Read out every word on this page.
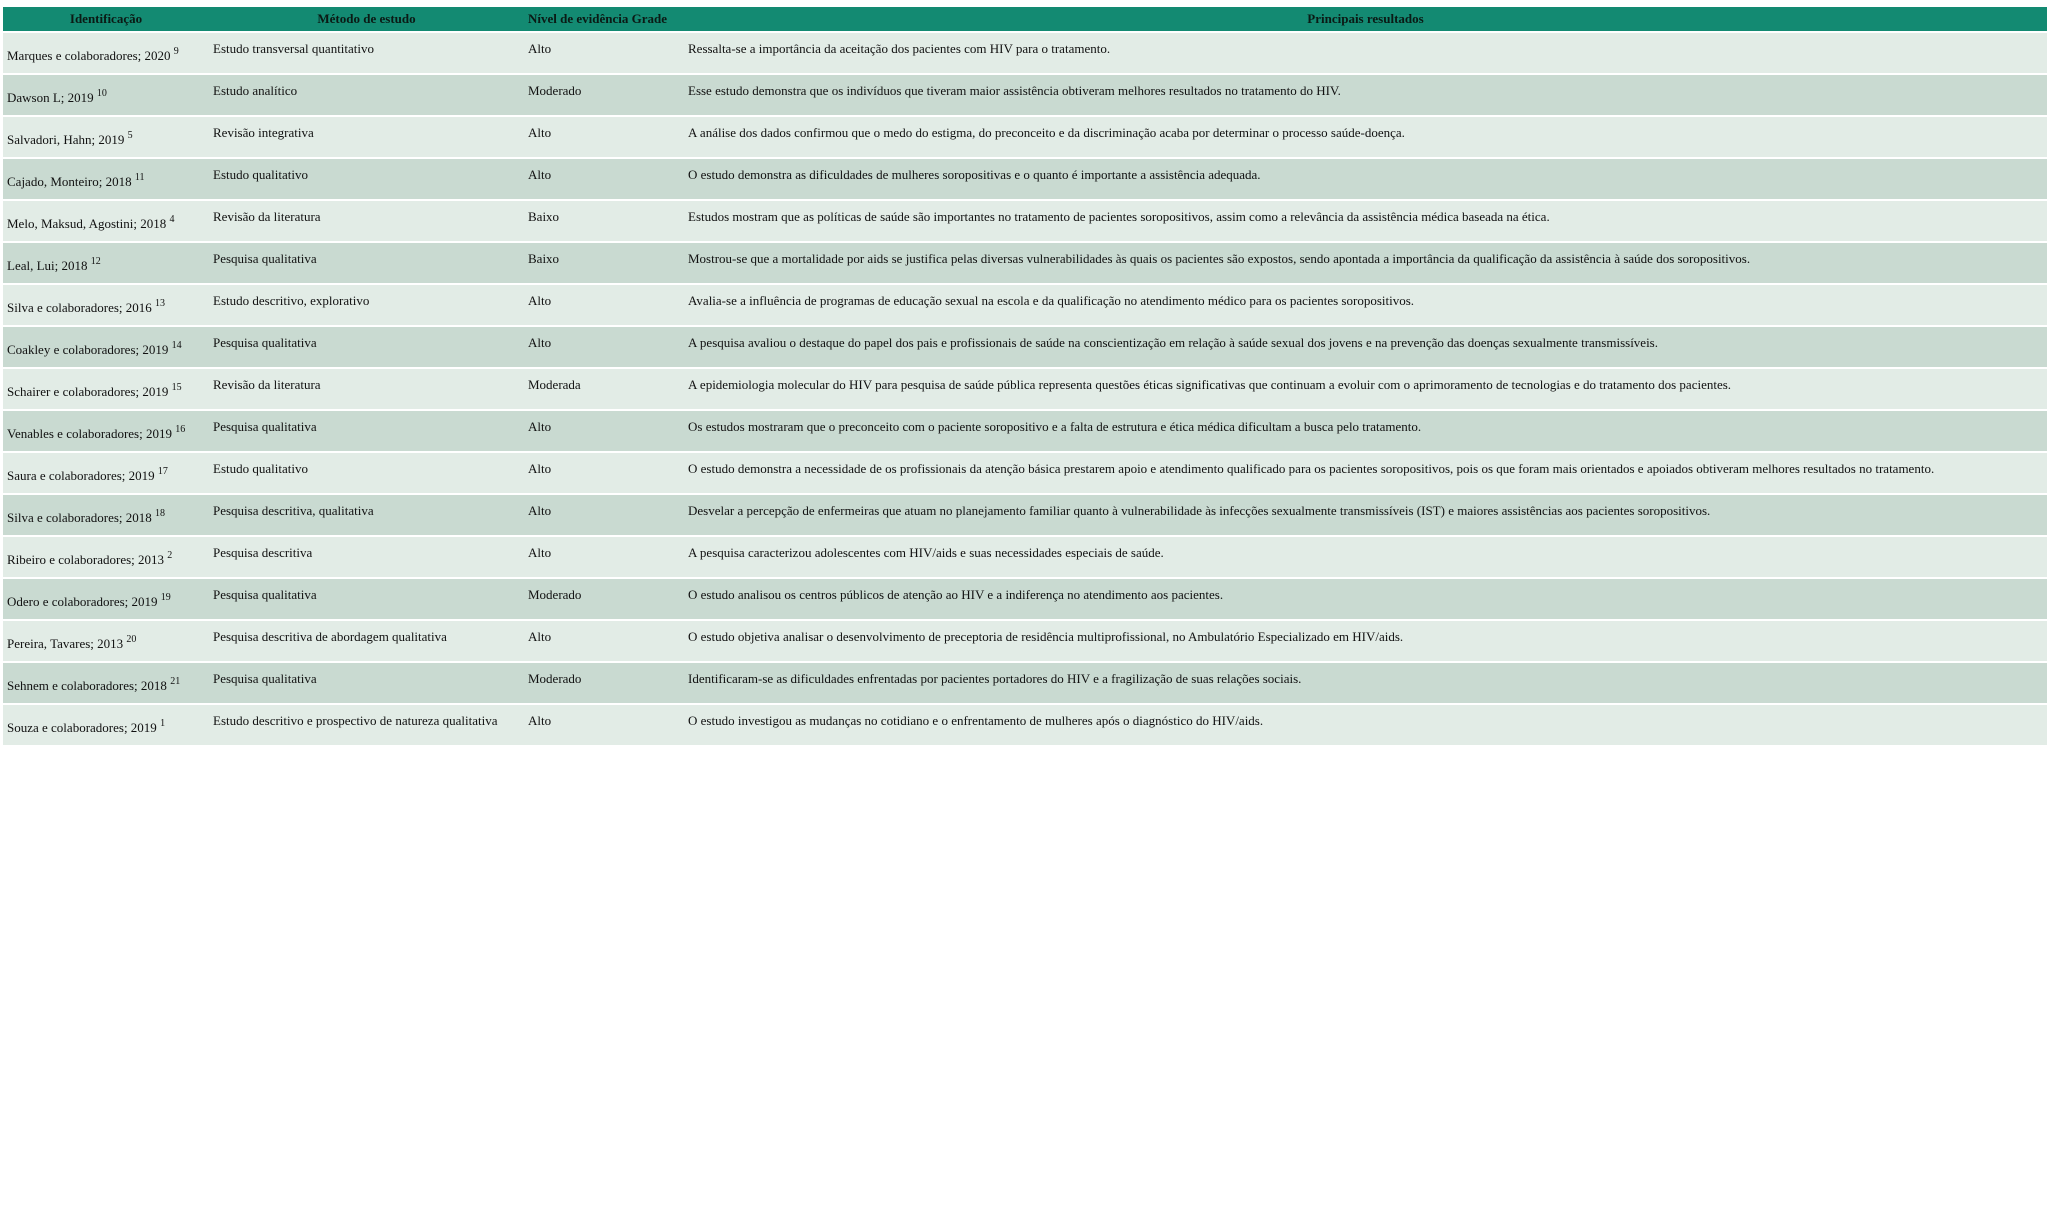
Identificação	Método de estudo	Nível de evidência Grade	Principais resultados
Marques e colaboradores; 2020 $^9$	Estudo transversal quantitativo	Alto	Ressalta-se a importância da aceitação dos pacientes com HIV para o tratamento.
Dawson L; 2019 $^{10}$	Estudo analítico	Moderado	Esse estudo demonstra que os indivíduos que tiveram maior assistência obtiveram melhores resultados no tratamento do HIV.
Salvadori, Hahn; 2019 $^5$	Revisão integrativa	Alto	A análise dos dados confirmou que o medo do estigma, do preconceito e da discriminação acaba por determinar o processo saúde-doença.
Cajado, Monteiro; 2018 $^{11}$	Estudo qualitativo	Alto	O estudo demonstra as dificuldades de mulheres soropositivas e o quanto é importante a assistência adequada.
Melo, Maksud, Agostini; 2018 $^4$	Revisão da literatura	Baixo	Estudos mostram que as políticas de saúde são importantes no tratamento de pacientes soropositivos, assim como a relevância da assistência médica baseada na ética.
Leal, Lui; 2018 $^{12}$	Pesquisa qualitativa	Baixo	Mostrou-se que a mortalidade por aids se justifica pelas diversas vulnerabilidades às quais os pacientes são expostos, sendo apontada a importância da qualificação da assistência à saúde dos soropositivos.
Silva e colaboradores; 2016 $^{13}$	Estudo descritivo, explorativo	Alto	Avalia-se a influência de programas de educação sexual na escola e da qualificação no atendimento médico para os pacientes soropositivos.
Coakley e colaboradores; 2019 $^{14}$	Pesquisa qualitativa	Alto	A pesquisa avaliou o destaque do papel dos pais e profissionais de saúde na conscientização em relação à saúde sexual dos jovens e na prevenção das doenças sexualmente transmissíveis.
Schairer e colaboradores; 2019 $^{15}$	Revisão da literatura	Moderada	A epidemiologia molecular do HIV para pesquisa de saúde pública representa questões éticas significativas que continuam a evoluir com o aprimoramento de tecnologias e do tratamento dos pacientes.
Venables e colaboradores; 2019 $^{16}$	Pesquisa qualitativa	Alto	Os estudos mostraram que o preconceito com o paciente soropositivo e a falta de estrutura e ética médica dificultam a busca pelo tratamento.
Saura e colaboradores; 2019 $^{17}$	Estudo qualitativo	Alto	O estudo demonstra a necessidade de os profissionais da atenção básica prestarem apoio e atendimento qualificado para os pacientes soropositivos, pois os que foram mais orientados e apoiados obtiveram melhores resultados no tratamento.
Silva e colaboradores; 2018 $^{18}$	Pesquisa descritiva, qualitativa	Alto	Desvelar a percepção de enfermeiras que atuam no planejamento familiar quanto à vulnerabilidade às infecções sexualmente transmissíveis (IST) e maiores assistências aos pacientes soropositivos.
Ribeiro e colaboradores; 2013 $^2$	Pesquisa descritiva	Alto	A pesquisa caracterizou adolescentes com HIV/aids e suas necessidades especiais de saúde.
Odero e colaboradores; 2019 $^{19}$	Pesquisa qualitativa	Moderado	O estudo analisou os centros públicos de atenção ao HIV e a indiferença no atendimento aos pacientes.
Pereira, Tavares; 2013 $^{20}$	Pesquisa descritiva de abordagem qualitativa	Alto	O estudo objetiva analisar o desenvolvimento de preceptoria de residência multiprofissional, no Ambulatório Especializado em HIV/aids.
Sehnem e colaboradores; 2018 $^{21}$	Pesquisa qualitativa	Moderado	Identificaram-se as dificuldades enfrentadas por pacientes portadores do HIV e a fragilização de suas relações sociais.
Souza e colaboradores; 2019 $^1$	Estudo descritivo e prospectivo de natureza qualitativa	Alto	O estudo investigou as mudanças no cotidiano e o enfrentamento de mulheres após o diagnóstico do HIV/aids.
